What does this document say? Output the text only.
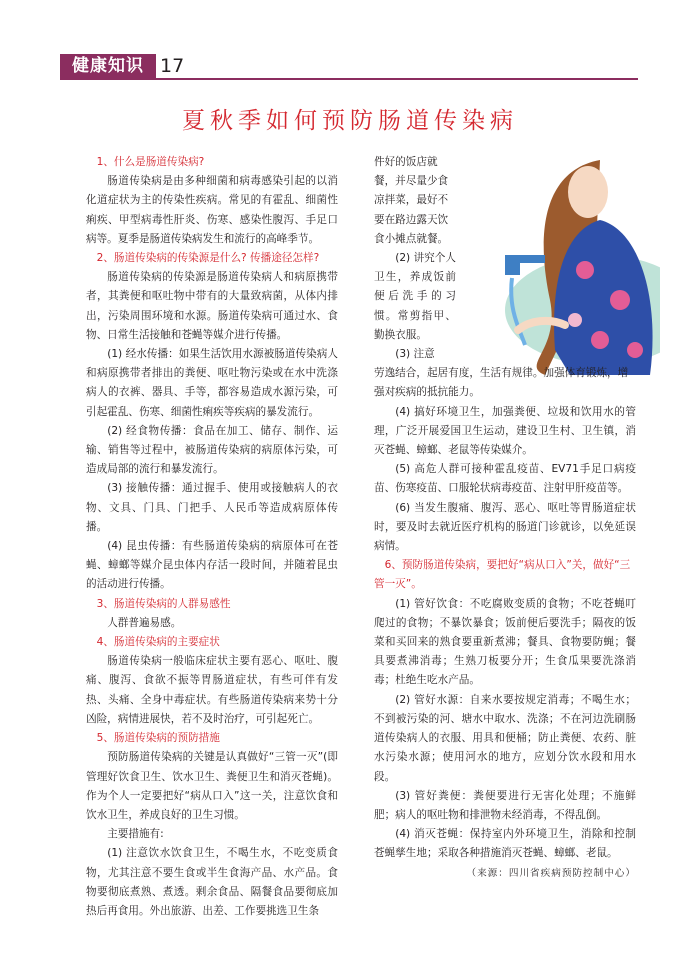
健康知识 17
夏秋季如何预防肠道传染病

1、什么是肠道传染病?

肠道传染病是由多种细菌和病毒感染引起的以消化道症状为主的传染性疾病。常见的有霍乱、细菌性痢疾、甲型病毒性肝炎、伤寒、感染性腹泻、手足口病等。夏季是肠道传染病发生和流行的高峰季节。

2、肠道传染病的传染源是什么? 传播途径怎样?

肠道传染病的传染源是肠道传染病人和病原携带者，其粪便和呕吐物中带有的大量致病菌，从体内排出，污染周围环境和水源。肠道传染病可通过水、食物、日常生活接触和苍蝇等媒介进行传播。

(1) 经水传播：如果生活饮用水源被肠道传染病人和病原携带者排出的粪便、呕吐物污染或在水中洗涤病人的衣裤、器具、手等，都容易造成水源污染，可引起霍乱、伤寒、细菌性痢疾等疾病的暴发流行。

(2) 经食物传播：食品在加工、储存、制作、运输、销售等过程中，被肠道传染病的病原体污染，可造成局部的流行和暴发流行。

(3) 接触传播：通过握手、使用或接触病人的衣物、文具、门具、门把手、人民币等造成病原体传播。

(4) 昆虫传播：有些肠道传染病的病原体可在苍蝇、蟑螂等媒介昆虫体内存活一段时间，并随着昆虫的活动进行传播。

3、肠道传染病的人群易感性

人群普遍易感。

4、肠道传染病的主要症状

肠道传染病一般临床症状主要有恶心、呕吐、腹痛、腹泻、食欲不振等胃肠道症状，有些可伴有发热、头痛、全身中毒症状。有些肠道传染病来势十分凶险，病情进展快，若不及时治疗，可引起死亡。

5、肠道传染病的预防措施

预防肠道传染病的关键是认真做好“三管一灭”(即管理好饮食卫生、饮水卫生、粪便卫生和消灭苍蝇)。作为个人一定要把好“病从口入”这一关，注意饮食和饮水卫生，养成良好的卫生习惯。

主要措施有:

(1) 注意饮水饮食卫生，不喝生水，不吃变质食物，尤其注意不要生食或半生食海产品、水产品。食物要彻底煮熟、煮透。剩余食品、隔餐食品要彻底加热后再食用。外出旅游、出差、工作要挑选卫生条

件好的饭店就餐，并尽量少食凉拌菜，最好不要在路边露天饮食小摊点就餐。

(2) 讲究个人卫生，养成饭前便后洗手的习惯。常剪指甲、勤换衣服。

(3) 注意

劳逸结合，起居有度，生活有规律。加强体育锻炼，增强对疾病的抵抗能力。

(4) 搞好环境卫生，加强粪便、垃圾和饮用水的管理，广泛开展爱国卫生运动，建设卫生村、卫生镇，消灭苍蝇、蟑螂、老鼠等传染媒介。

(5) 高危人群可接种霍乱疫苗、EV71手足口病疫苗、伤寒疫苗、口服轮状病毒疫苗、注射甲肝疫苗等。

(6) 当发生腹痛、腹泻、恶心、呕吐等胃肠道症状时，要及时去就近医疗机构的肠道门诊就诊，以免延误病情。

6、预防肠道传染病，要把好“病从口入”关，做好“三管一灭”。

(1) 管好饮食：不吃腐败变质的食物；不吃苍蝇叮爬过的食物；不暴饮暴食；饭前便后要洗手；隔夜的饭菜和买回来的熟食要重新煮沸；餐具、食物要防蝇；餐具要煮沸消毒；生熟刀板要分开；生食瓜果要洗涤消毒；杜绝生吃水产品。

(2) 管好水源：自来水要按规定消毒；不喝生水；不到被污染的河、塘水中取水、洗涤；不在河边洗刷肠道传染病人的衣服、用具和便桶；防止粪便、农药、脏水污染水源；使用河水的地方，应划分饮水段和用水段。

(3) 管好粪便：粪便要进行无害化处理；不施鲜肥；病人的呕吐物和排泄物未经消毒，不得乱倒。

(4) 消灭苍蝇：保持室内外环境卫生，消除和控制苍蝇孳生地；采取各种措施消灭苍蝇、蟑螂、老鼠。

（来源：四川省疾病预防控制中心）
